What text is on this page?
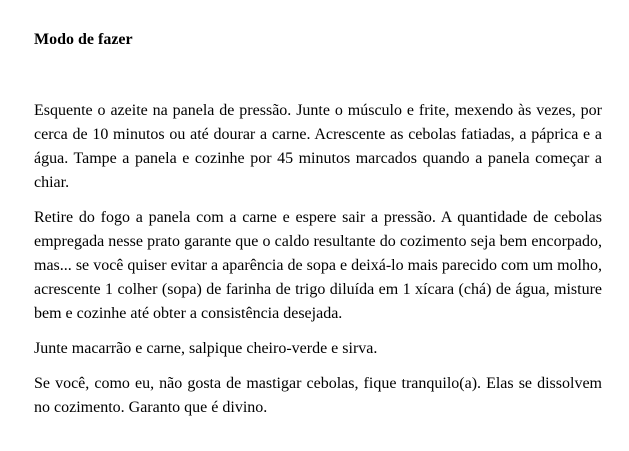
Modo de fazer

Esquente o azeite na panela de pressão. Junte o músculo e frite, mexendo às vezes, por cerca de 10 minutos ou até dourar a carne. Acrescente as cebolas fatiadas, a páprica e a água. Tampe a panela e cozinhe por 45 minutos marcados quando a panela começar a chiar.

Retire do fogo a panela com a carne e espere sair a pressão. A quantidade de cebolas empregada nesse prato garante que o caldo resultante do cozimento seja bem encorpado, mas... se você quiser evitar a aparência de sopa e deixá-lo mais parecido com um molho, acrescente 1 colher (sopa) de farinha de trigo diluída em 1 xícara (chá) de água, misture bem e cozinhe até obter a consistência desejada.

Junte macarrão e carne, salpique cheiro-verde e sirva.

Se você, como eu, não gosta de mastigar cebolas, fique tranquilo(a). Elas se dissolvem no cozimento. Garanto que é divino.
